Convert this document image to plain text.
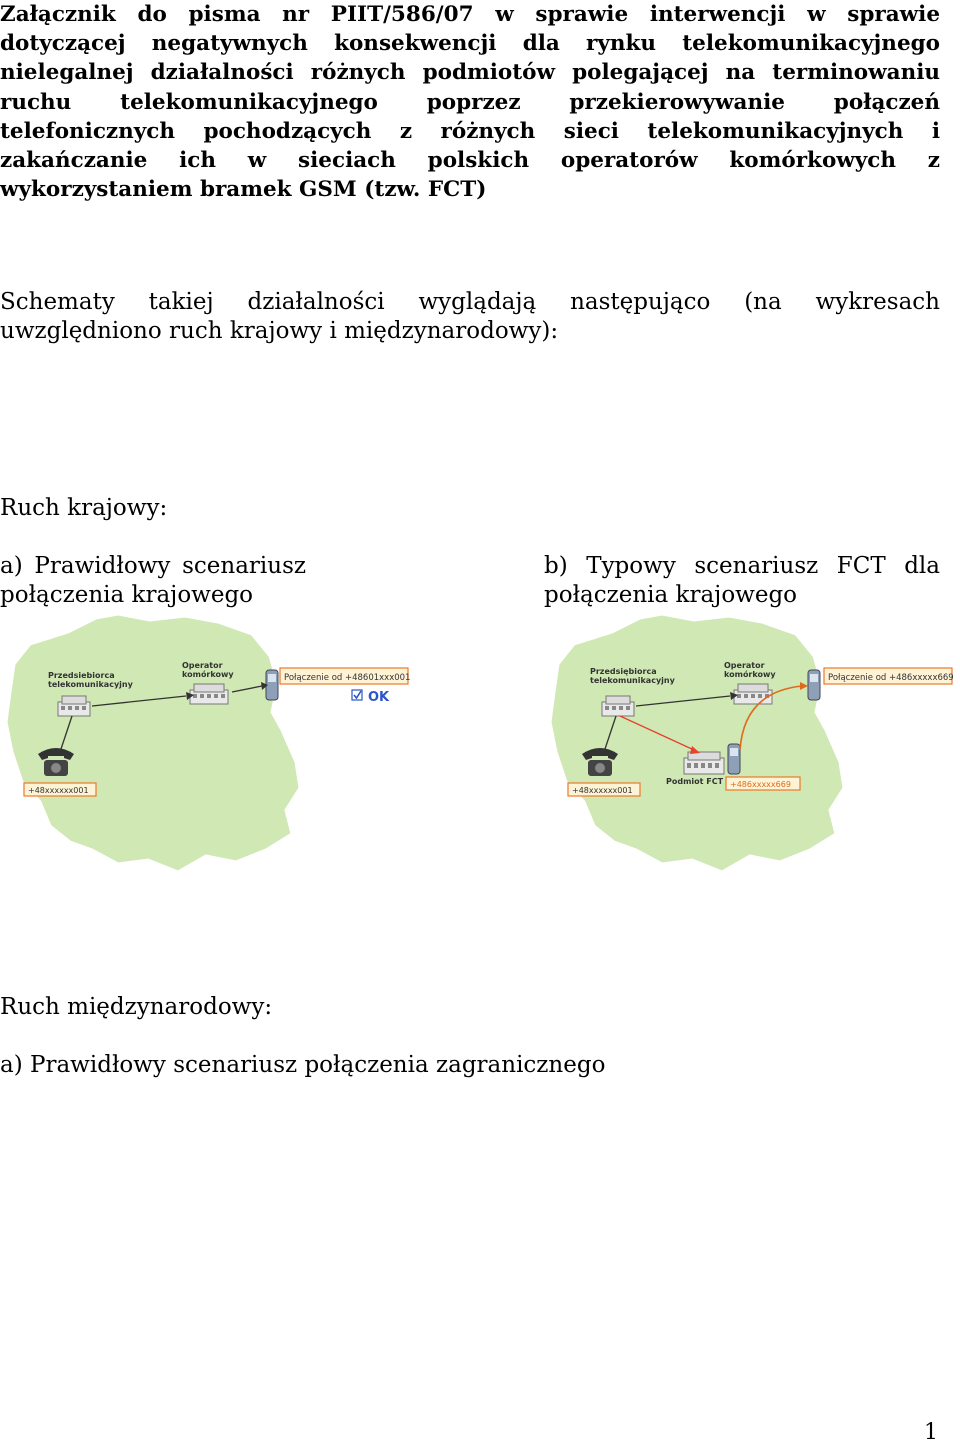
Załącznik do pisma nr PIIT/586/07 w sprawie interwencji w sprawie dotyczącej negatywnych konsekwencji dla rynku telekomunikacyjnego nielegalnej działalności różnych podmiotów polegającej na terminowaniu ruchu telekomunikacyjnego poprzez przekierowywanie połączeń telefonicznych pochodzących z różnych sieci telekomunikacyjnych i zakańczanie ich w sieciach polskich operatorów komórkowych z wykorzystaniem bramek GSM (tzw. FCT)

Schematy takiej działalności wyglądają następująco (na wykresach uwzględniono ruch krajowy i międzynarodowy):

Ruch krajowy:

a) Prawidłowy scenariusz połączenia krajowego

b) Typowy scenariusz FCT dla połączenia krajowego

Przedsiebiorca
telekomunikacyjny
Operator
komórkowy	Połączenie od +48601xxx001
OK
+48xxxxxx001
Przedsiębiorca
telekomunikacyjny
Operator
komórkowy
Podmiot FCT +486xxxxx669
Połączenie od +486xxxxx669
+48xxxxxx001

Ruch międzynarodowy:

a) Prawidłowy scenariusz połączenia zagranicznego

1
